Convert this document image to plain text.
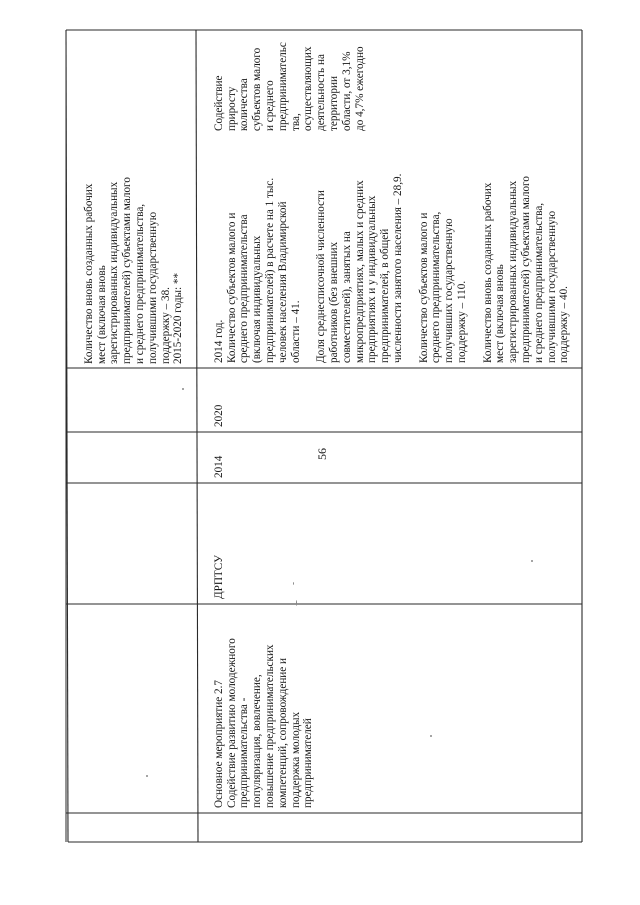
56

Количество вновь созданных рабочих
мест (включая вновь
зарегистрированных индивидуальных
предпринимателей) субъектами малого
и среднего предпринимательства,
получившими государственную
поддержку – 38.
2015-2020 годы: **

Основное мероприятие 2.7
Содействие развитию молодежного
предпринимательства -
популяризация, вовлечение,
повышение предпринимательских
компетенций, сопровождение и
поддержка молодых
предпринимателей

ДРПТСУ

2014

2020

2014 год.
Количество субъектов малого и
среднего предпринимательства
(включая индивидуальных
предпринимателей) в расчете на 1 тыс.
человек населения Владимирской
области – 41.

Доля среднесписочной численности
работников (без внешних
совместителей), занятых на
микропредприятиях, малых и средних
предприятиях и у индивидуальных
предпринимателей, в общей
численности занятого населения – 28,9.

Количество субъектов малого и
среднего предпринимательства,
получивших государственную
поддержку – 110.

Количество вновь созданных рабочих
мест (включая вновь
зарегистрированных индивидуальных
предпринимателей) субъектами малого
и среднего предпринимательства,
получившими государственную
поддержку – 40.

Содействие
приросту
количества
субъектов малого
и среднего
предпринимательс
тва,
осуществляющих
деятельность на
территории
области, от 3,1%
до 4,7% ежегодно
